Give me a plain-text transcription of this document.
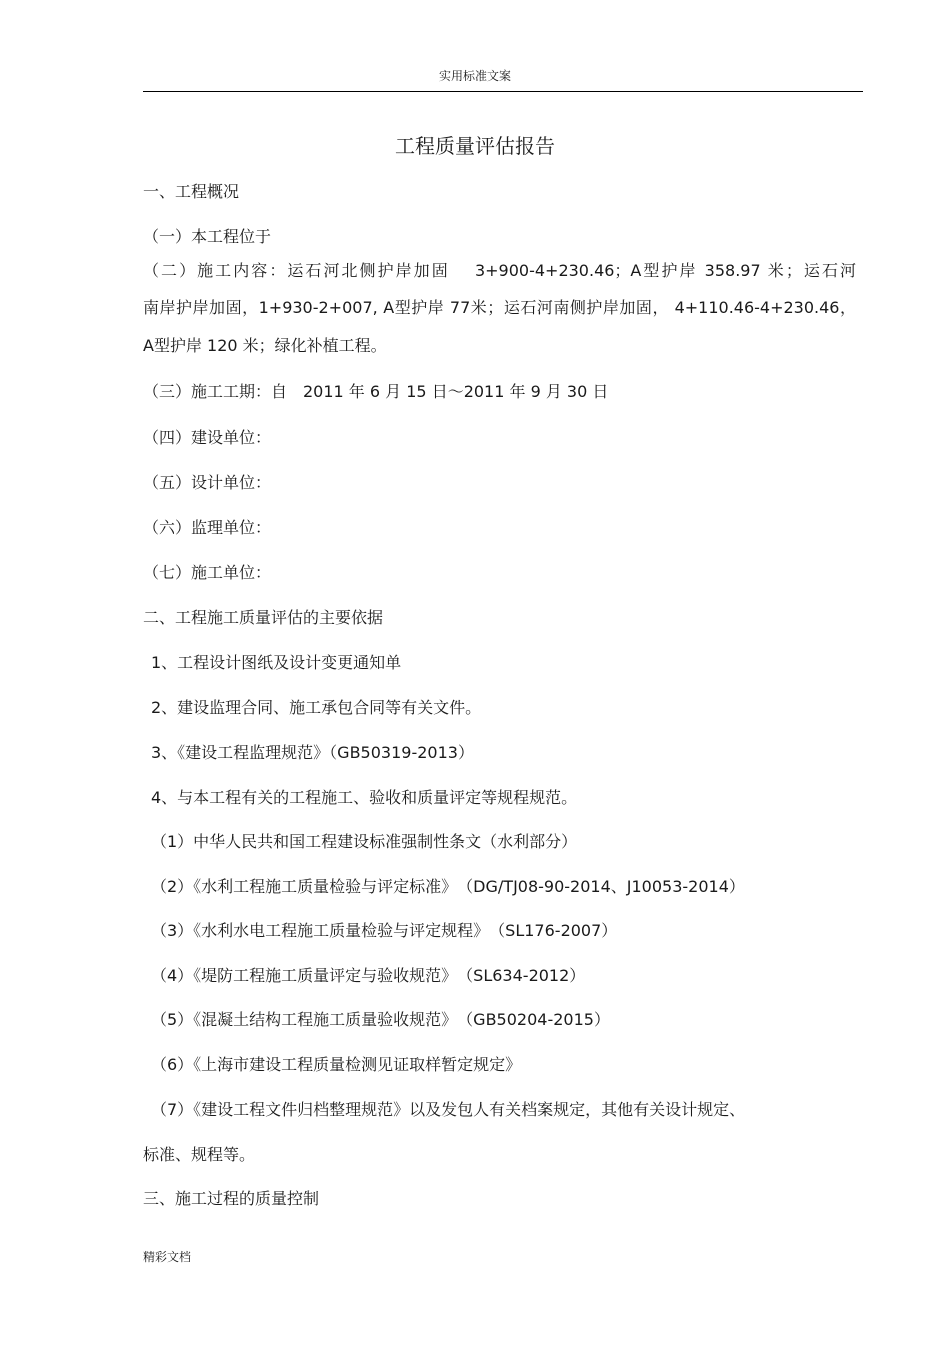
实用标准文案
工程质量评估报告
一、工程概况
（一）本工程位于
（二）施工内容：运石河北侧护岸加固　 3+900-4+230.46；A型护岸 358.97 米；运石河
南岸护岸加固，1+930-2+007, A型护岸 77米；运石河南侧护岸加固， 4+110.46-4+230.46，
A型护岸 120 米；绿化补植工程。
（三）施工工期：自　2011 年 6 月 15 日～2011 年 9 月 30 日
（四）建设单位：
（五）设计单位：
（六）监理单位：
（七）施工单位：
二、工程施工质量评估的主要依据
1、工程设计图纸及设计变更通知单
2、建设监理合同、施工承包合同等有关文件。
3、《建设工程监理规范》（GB50319-2013）
4、与本工程有关的工程施工、验收和质量评定等规程规范。
（1）中华人民共和国工程建设标准强制性条文（水利部分）
（2）《水利工程施工质量检验与评定标准》　（DG/TJ08-90-2014、J10053-2014）
（3）《水利水电工程施工质量检验与评定规程》　（SL176-2007）
（4）《堤防工程施工质量评定与验收规范》　（SL634-2012）
（5）《混凝土结构工程施工质量验收规范》　（GB50204-2015）
（6）《上海市建设工程质量检测见证取样暂定规定》
（7）《建设工程文件归档整理规范》以及发包人有关档案规定，其他有关设计规定、
标准、规程等。
三、施工过程的质量控制
精彩文档
